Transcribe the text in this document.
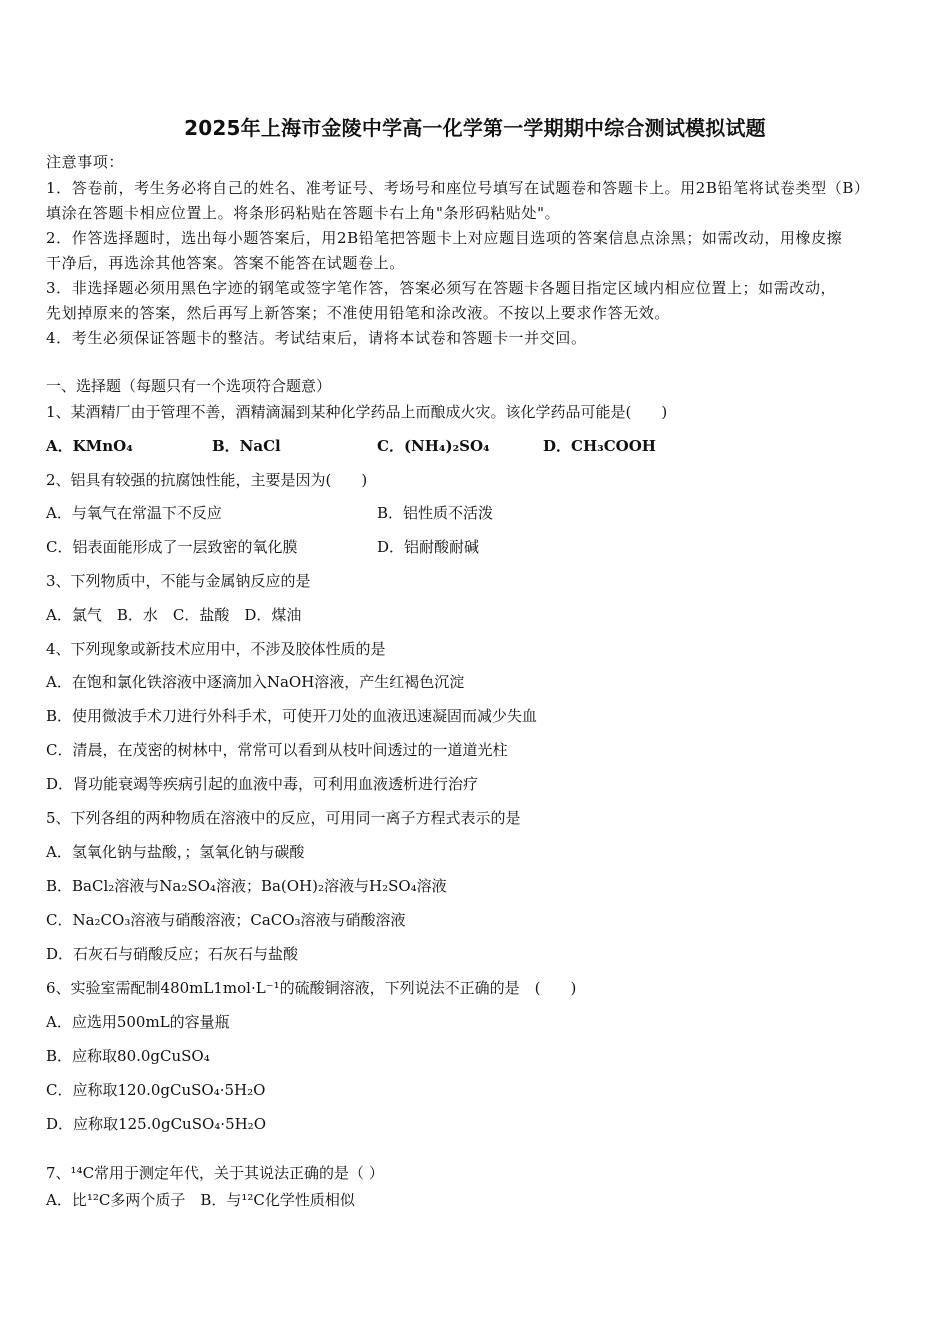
2025年上海市金陵中学高一化学第一学期期中综合测试模拟试题
注意事项：
1．答卷前，考生务必将自己的姓名、准考证号、考场号和座位号填写在试题卷和答题卡上。用2B铅笔将试卷类型（B）
填涂在答题卡相应位置上。将条形码粘贴在答题卡右上角"条形码粘贴处"。
2．作答选择题时，选出每小题答案后，用2B铅笔把答题卡上对应题目选项的答案信息点涂黑；如需改动，用橡皮擦
干净后，再选涂其他答案。答案不能答在试题卷上。
3．非选择题必须用黑色字迹的钢笔或签字笔作答，答案必须写在答题卡各题目指定区域内相应位置上；如需改动，
先划掉原来的答案，然后再写上新答案；不准使用铅笔和涂改液。不按以上要求作答无效。
4．考生必须保证答题卡的整洁。考试结束后，请将本试卷和答题卡一并交回。
一、选择题（每题只有一个选项符合题意）
1、某酒精厂由于管理不善，酒精滴漏到某种化学药品上而酿成火灾。该化学药品可能是(　　)
A．KMnO₄	B．NaCl	C．(NH₄)₂SO₄	D．CH₃COOH
2、铝具有较强的抗腐蚀性能，主要是因为(　　)
A．与氧气在常温下不反应	B．铝性质不活泼
C．铝表面能形成了一层致密的氧化膜	D．铝耐酸耐碱
3、下列物质中，不能与金属钠反应的是
A．氯气　B．水　C．盐酸　D．煤油
4、下列现象或新技术应用中，不涉及胶体性质的是
A．在饱和氯化铁溶液中逐滴加入NaOH溶液，产生红褐色沉淀
B．使用微波手术刀进行外科手术，可使开刀处的血液迅速凝固而减少失血
C．清晨，在茂密的树林中，常常可以看到从枝叶间透过的一道道光柱
D．肾功能衰竭等疾病引起的血液中毒，可利用血液透析进行治疗
5、下列各组的两种物质在溶液中的反应，可用同一离子方程式表示的是
A．氢氧化钠与盐酸，；氢氧化钠与碳酸
B．BaCl₂溶液与Na₂SO₄溶液；Ba(OH)₂溶液与H₂SO₄溶液
C．Na₂CO₃溶液与硝酸溶液；CaCO₃溶液与硝酸溶液
D．石灰石与硝酸反应；石灰石与盐酸
6、实验室需配制480mL1mol·L⁻¹的硫酸铜溶液，下列说法不正确的是　(　　)
A．应选用500mL的容量瓶
B．应称取80.0gCuSO₄
C．应称取120.0gCuSO₄·5H₂O
D．应称取125.0gCuSO₄·5H₂O
7、¹⁴C常用于测定年代，关于其说法正确的是（ ）
A．比¹²C多两个质子　B．与¹²C化学性质相似
